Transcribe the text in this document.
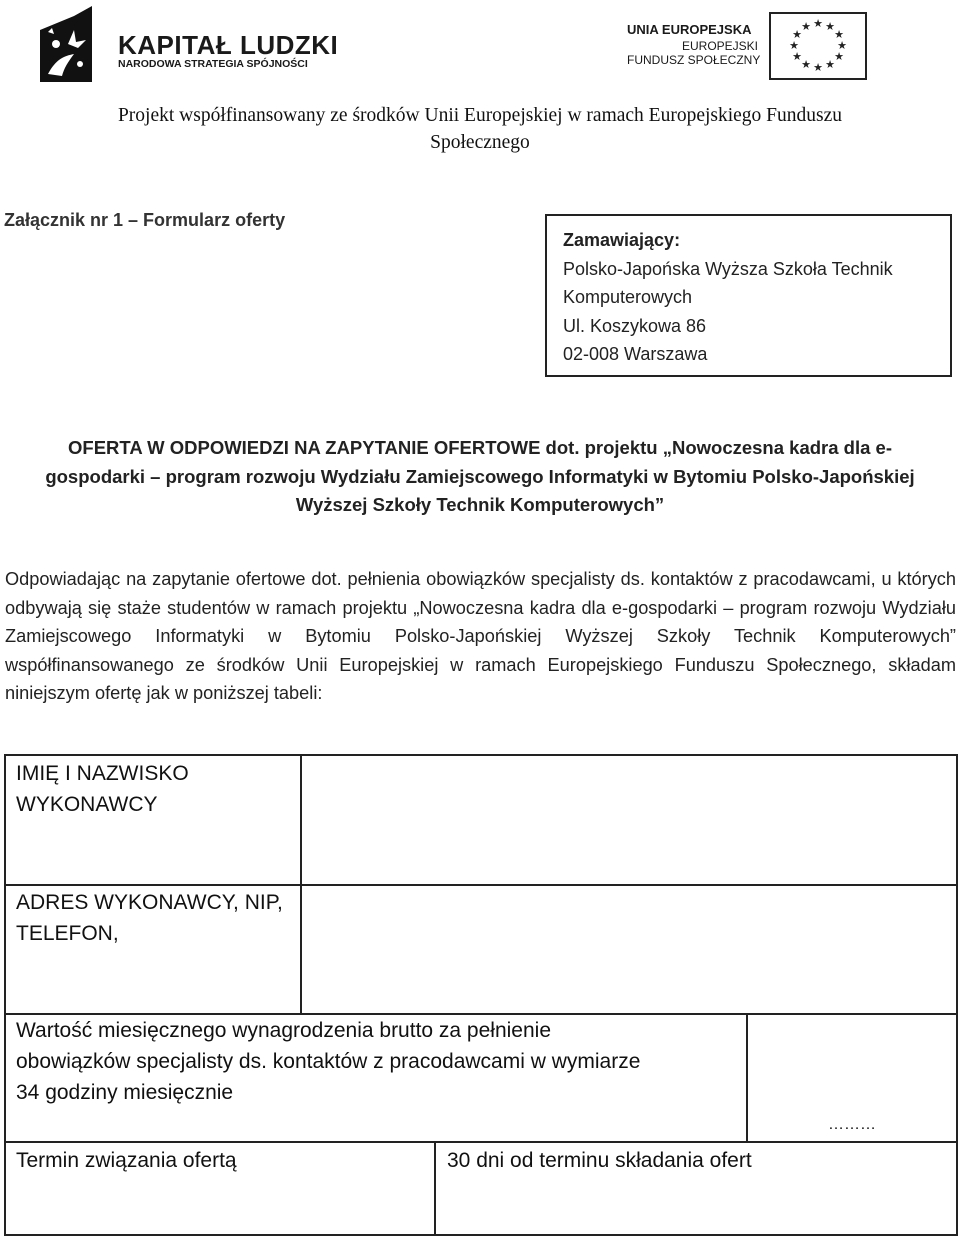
KAPITAŁ LUDZKI
NARODOWA STRATEGIA SPÓJNOŚCI
UNIA EUROPEJSKA
EUROPEJSKI
FUNDUSZ SPOŁECZNY
★ ★
★
★
★
★
★
★
★
★
★
★
Projekt współfinansowany ze środków Unii Europejskiej w ramach Europejskiego Funduszu
Społecznego
Załącznik nr 1 – Formularz oferty
Zamawiający:
Polsko-Japońska Wyższa Szkoła Technik
Komputerowych
Ul. Koszykowa 86
02-008 Warszawa
OFERTA W ODPOWIEDZI NA ZAPYTANIE OFERTOWE dot. projektu „Nowoczesna kadra dla e-
gospodarki – program rozwoju Wydziału Zamiejscowego Informatyki w Bytomiu Polsko-Japońskiej
Wyższej Szkoły Technik Komputerowych”
Odpowiadając na zapytanie ofertowe dot. pełnienia obowiązków specjalisty ds. kontaktów z pracodawcami, u których odbywają się staże studentów w ramach projektu „Nowoczesna kadra dla e-gospodarki – program rozwoju Wydziału Zamiejscowego Informatyki w Bytomiu Polsko-Japońskiej Wyższej Szkoły Technik Komputerowych” współfinansowanego ze środków Unii Europejskiej w ramach Europejskiego Funduszu Społecznego, składam niniejszym ofertę jak w poniższej tabeli:
IMIĘ I NAZWISKO
WYKONAWCY
ADRES WYKONAWCY, NIP,
TELEFON,
Wartość miesięcznego wynagrodzenia brutto za pełnienie
obowiązków specjalisty ds. kontaktów z pracodawcami w wymiarze
34 godziny miesięcznie
………
Termin związania ofertą	30 dni od terminu składania ofert
